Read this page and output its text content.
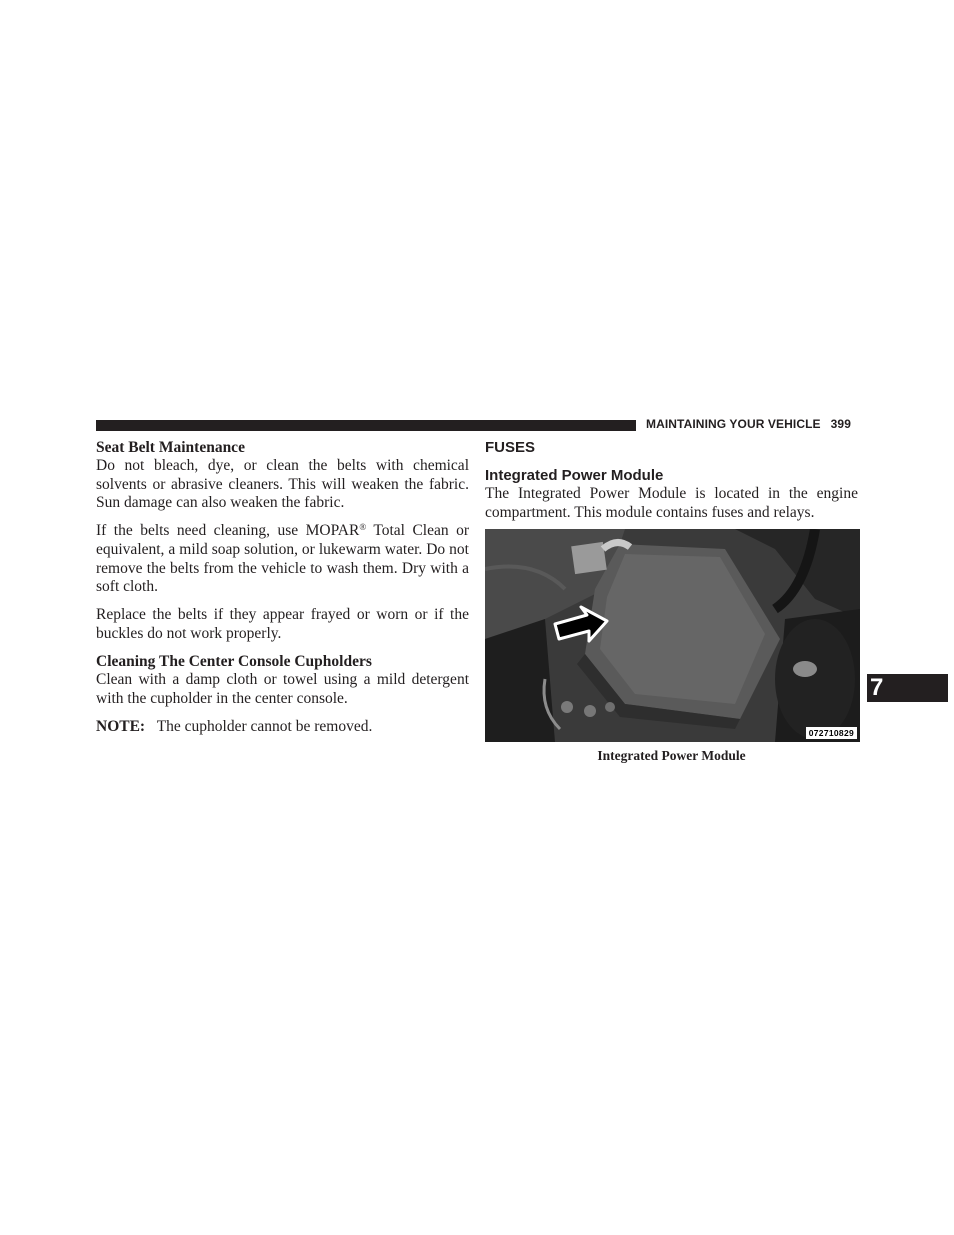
MAINTAINING YOUR VEHICLE 399
Seat Belt Maintenance

Do not bleach, dye, or clean the belts with chemical solvents or abrasive cleaners. This will weaken the fabric. Sun damage can also weaken the fabric.

If the belts need cleaning, use MOPAR® Total Clean or equivalent, a mild soap solution, or lukewarm water. Do not remove the belts from the vehicle to wash them. Dry with a soft cloth.

Replace the belts if they appear frayed or worn or if the buckles do not work properly.

Cleaning The Center Console Cupholders

Clean with a damp cloth or towel using a mild detergent with the cupholder in the center console.

NOTE: The cupholder cannot be removed.

FUSES
Integrated Power Module

The Integrated Power Module is located in the engine compartment. This module contains fuses and relays.

072710829
Integrated Power Module
7
